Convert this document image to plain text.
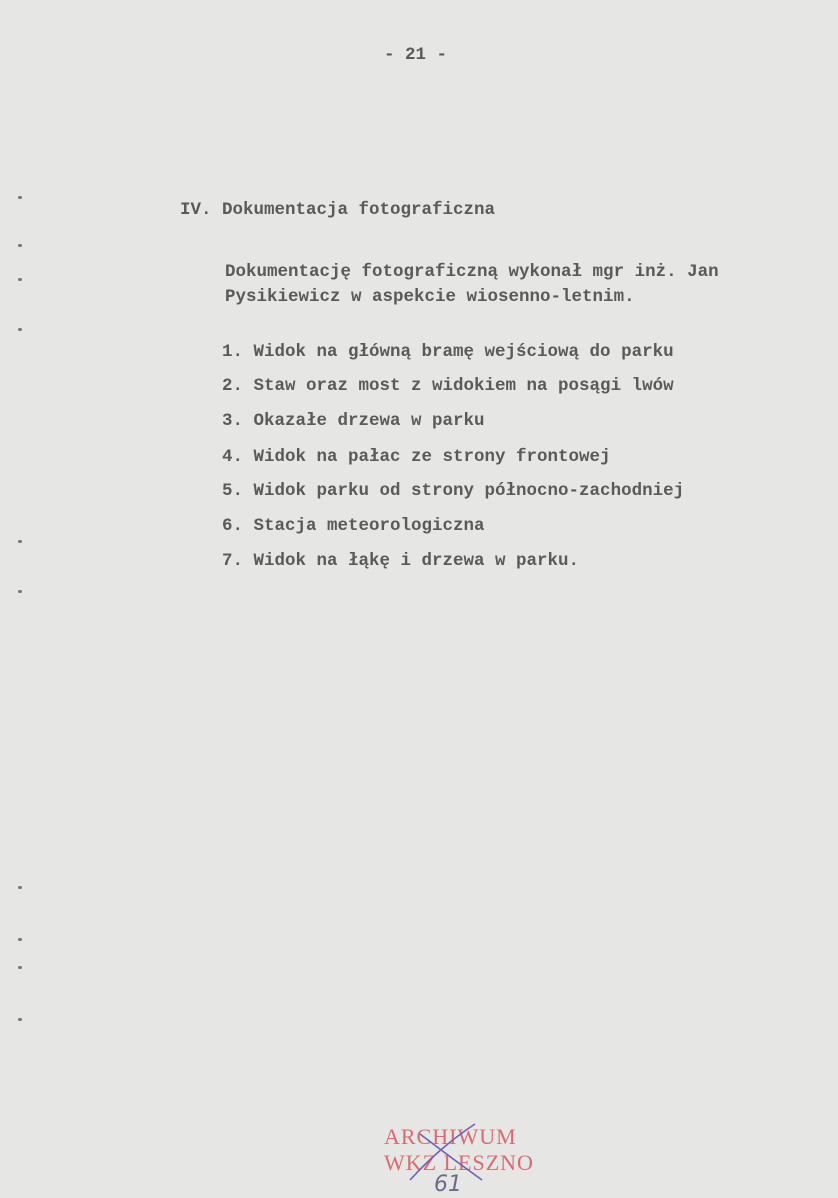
- 21 -
IV. Dokumentacja fotograficzna
Dokumentację fotograficzną wykonał mgr inż. Jan
Pysikiewicz w aspekcie wiosenno-letnim.
1. Widok na główną bramę wejściową do parku
2. Staw oraz most z widokiem na posągi lwów
3. Okazałe drzewa w parku
4. Widok na pałac ze strony frontowej
5. Widok parku od strony północno-zachodniej
6. Stacja meteorologiczna
7. Widok na łąkę i drzewa w parku.
ARCHIWUM
WKZ LESZNO
61
